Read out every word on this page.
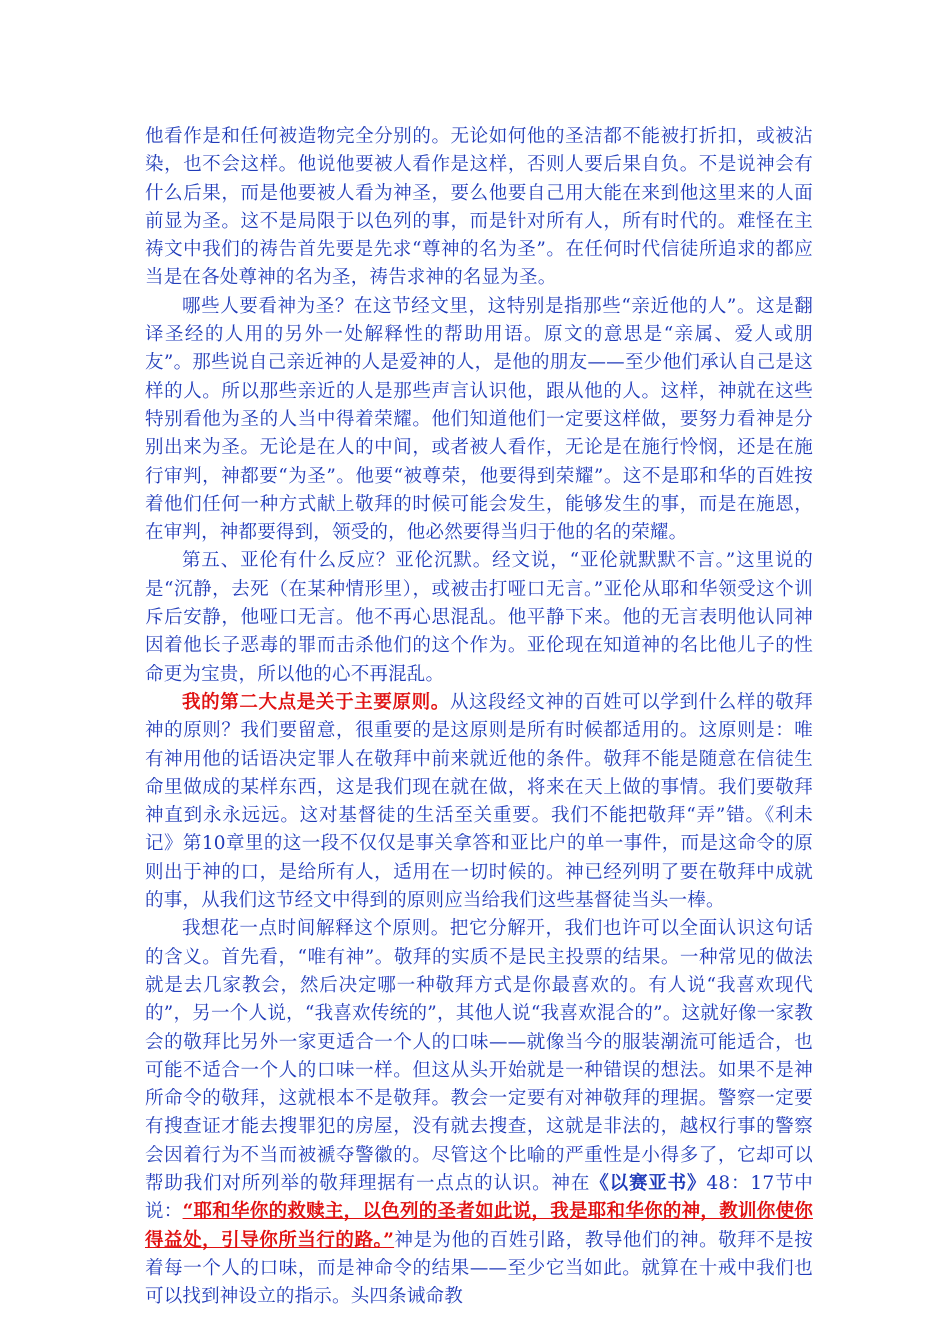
他看作是和任何被造物完全分别的。无论如何他的圣洁都不能被打折扣，或被沾染，也不会这样。他说他要被人看作是这样，否则人要后果自负。不是说神会有什么后果，而是他要被人看为神圣，要么他要自己用大能在来到他这里来的人面前显为圣。这不是局限于以色列的事，而是针对所有人，所有时代的。难怪在主祷文中我们的祷告首先要是先求“尊神的名为圣”。在任何时代信徒所追求的都应当是在各处尊神的名为圣，祷告求神的名显为圣。

哪些人要看神为圣？在这节经文里，这特别是指那些“亲近他的人”。这是翻译圣经的人用的另外一处解释性的帮助用语。原文的意思是“亲属、爱人或朋友”。那些说自己亲近神的人是爱神的人，是他的朋友——至少他们承认自己是这样的人。所以那些亲近的人是那些声言认识他，跟从他的人。这样，神就在这些特别看他为圣的人当中得着荣耀。他们知道他们一定要这样做，要努力看神是分别出来为圣。无论是在人的中间，或者被人看作，无论是在施行怜悯，还是在施行审判，神都要“为圣”。他要“被尊荣，他要得到荣耀”。这不是耶和华的百姓按着他们任何一种方式献上敬拜的时候可能会发生，能够发生的事，而是在施恩，在审判，神都要得到，领受的，他必然要得当归于他的名的荣耀。

第五、亚伦有什么反应？亚伦沉默。经文说，“亚伦就默默不言。”这里说的是“沉静，去死（在某种情形里），或被击打哑口无言。”亚伦从耶和华领受这个训斥后安静，他哑口无言。他不再心思混乱。他平静下来。他的无言表明他认同神因着他长子恶毒的罪而击杀他们的这个作为。亚伦现在知道神的名比他儿子的性命更为宝贵，所以他的心不再混乱。

我的第二大点是关于主要原则。从这段经文神的百姓可以学到什么样的敬拜神的原则？我们要留意，很重要的是这原则是所有时候都适用的。这原则是：唯有神用他的话语决定罪人在敬拜中前来就近他的条件。敬拜不能是随意在信徒生命里做成的某样东西，这是我们现在就在做，将来在天上做的事情。我们要敬拜神直到永永远远。这对基督徒的生活至关重要。我们不能把敬拜“弄”错。《利未记》第10章里的这一段不仅仅是事关拿答和亚比户的单一事件，而是这命令的原则出于神的口，是给所有人，适用在一切时候的。神已经列明了要在敬拜中成就的事，从我们这节经文中得到的原则应当给我们这些基督徒当头一棒。

我想花一点时间解释这个原则。把它分解开，我们也许可以全面认识这句话的含义。首先看，“唯有神”。敬拜的实质不是民主投票的结果。一种常见的做法就是去几家教会，然后决定哪一种敬拜方式是你最喜欢的。有人说“我喜欢现代的”，另一个人说，“我喜欢传统的”，其他人说“我喜欢混合的”。这就好像一家教会的敬拜比另外一家更适合一个人的口味——就像当今的服装潮流可能适合，也可能不适合一个人的口味一样。但这从头开始就是一种错误的想法。如果不是神所命令的敬拜，这就根本不是敬拜。教会一定要有对神敬拜的理据。警察一定要有搜查证才能去搜罪犯的房屋，没有就去搜查，这就是非法的，越权行事的警察会因着行为不当而被褫夺警徽的。尽管这个比喻的严重性是小得多了，它却可以帮助我们对所列举的敬拜理据有一点点的认识。神在《以赛亚书》48：17节中说：“耶和华你的救赎主，以色列的圣者如此说，我是耶和华你的神，教训你使你得益处，引导你所当行的路。”神是为他的百姓引路，教导他们的神。敬拜不是按着每一个人的口味，而是神命令的结果——至少它当如此。就算在十戒中我们也可以找到神设立的指示。头四条诫命教
